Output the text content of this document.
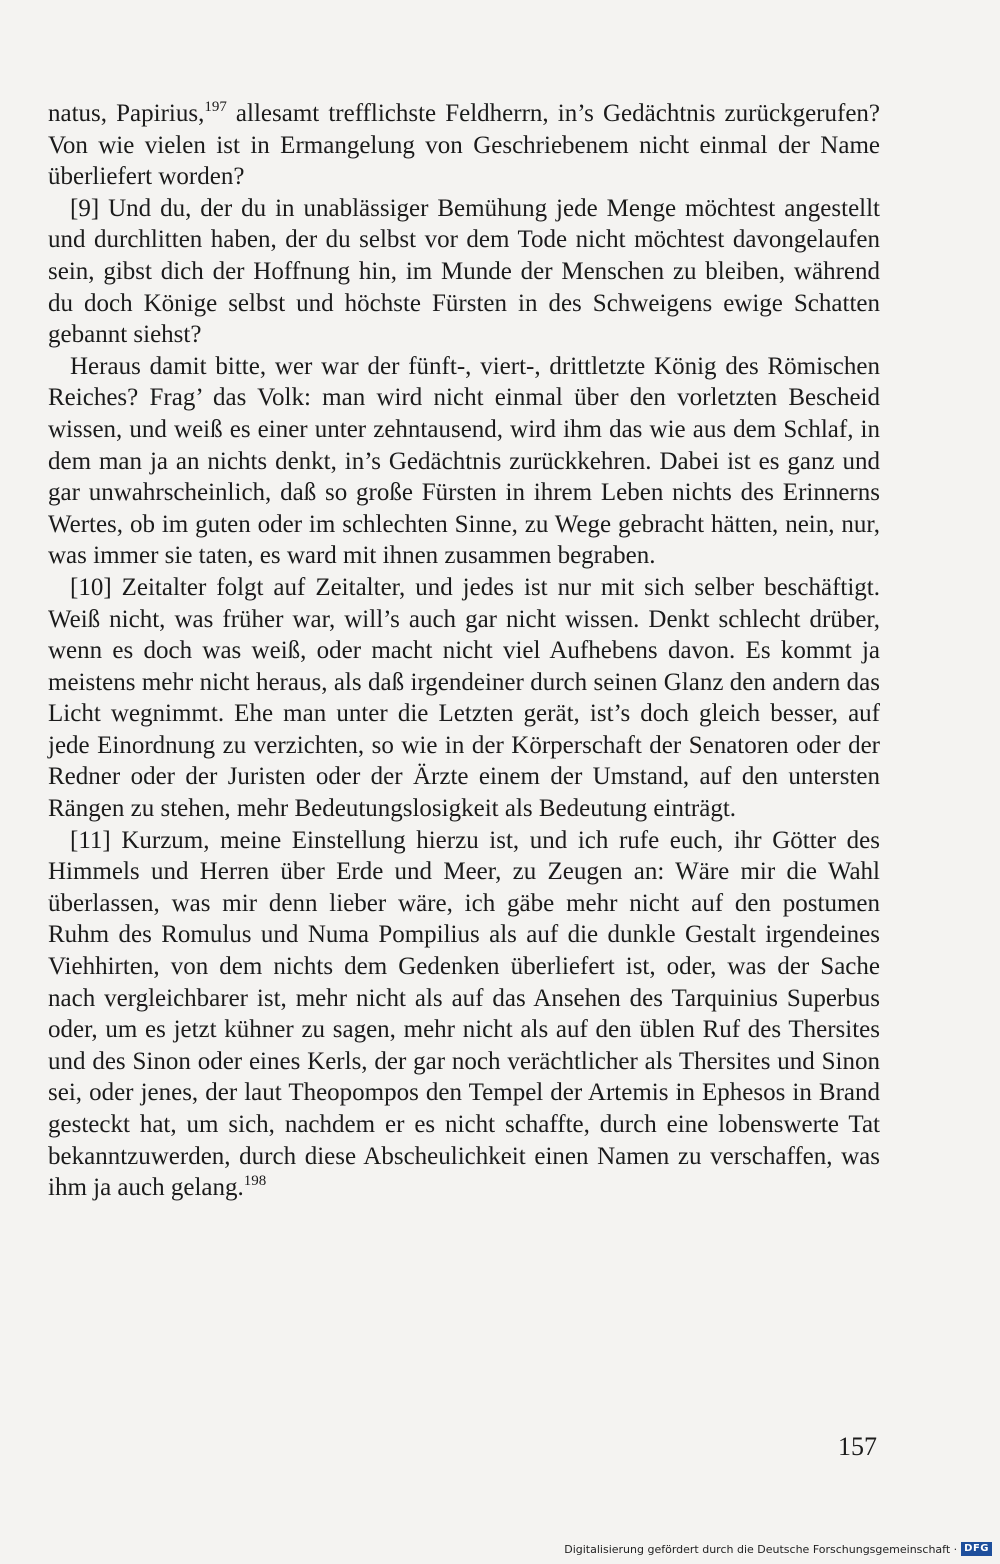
natus, Papirius,$^{197}$ allesamt trefflichste Feldherrn, in’s Gedächtnis zurückgerufen? Von wie vielen ist in Ermangelung von Geschriebenem nicht einmal der Name überliefert worden?

[9] Und du, der du in unablässiger Bemühung jede Menge möchtest angestellt und durchlitten haben, der du selbst vor dem Tode nicht möchtest davongelaufen sein, gibst dich der Hoffnung hin, im Munde der Menschen zu bleiben, während du doch Könige selbst und höchste Fürsten in des Schweigens ewige Schatten gebannt siehst?

Heraus damit bitte, wer war der fünft-, viert-, drittletzte König des Römischen Reiches? Frag’ das Volk: man wird nicht einmal über den vorletzten Bescheid wissen, und weiß es einer unter zehntausend, wird ihm das wie aus dem Schlaf, in dem man ja an nichts denkt, in’s Gedächtnis zurückkehren. Dabei ist es ganz und gar unwahrscheinlich, daß so große Fürsten in ihrem Leben nichts des Erinnerns Wertes, ob im guten oder im schlechten Sinne, zu Wege gebracht hätten, nein, nur, was immer sie taten, es ward mit ihnen zusammen begraben.

[10] Zeitalter folgt auf Zeitalter, und jedes ist nur mit sich selber beschäftigt. Weiß nicht, was früher war, will’s auch gar nicht wissen. Denkt schlecht drüber, wenn es doch was weiß, oder macht nicht viel Aufhebens davon. Es kommt ja meistens mehr nicht heraus, als daß irgendeiner durch seinen Glanz den andern das Licht wegnimmt. Ehe man unter die Letzten gerät, ist’s doch gleich besser, auf jede Einordnung zu verzichten, so wie in der Körperschaft der Senatoren oder der Redner oder der Juristen oder der Ärzte einem der Umstand, auf den untersten Rängen zu stehen, mehr Bedeutungslosigkeit als Bedeutung einträgt.

[11] Kurzum, meine Einstellung hierzu ist, und ich rufe euch, ihr Götter des Himmels und Herren über Erde und Meer, zu Zeugen an: Wäre mir die Wahl überlassen, was mir denn lieber wäre, ich gäbe mehr nicht auf den postumen Ruhm des Romulus und Numa Pompilius als auf die dunkle Gestalt irgendeines Viehhirten, von dem nichts dem Gedenken überliefert ist, oder, was der Sache nach vergleichbarer ist, mehr nicht als auf das Ansehen des Tarquinius Superbus oder, um es jetzt kühner zu sagen, mehr nicht als auf den üblen Ruf des Thersites und des Sinon oder eines Kerls, der gar noch verächtlicher als Thersites und Sinon sei, oder jenes, der laut Theopompos den Tempel der Artemis in Ephesos in Brand gesteckt hat, um sich, nachdem er es nicht schaffte, durch eine lobenswerte Tat bekanntzuwerden, durch diese Abscheulichkeit einen Namen zu verschaffen, was ihm ja auch gelang.$^{198}$

157
Digitalisierung gefördert durch die Deutsche Forschungsgemeinschaft · DFG
